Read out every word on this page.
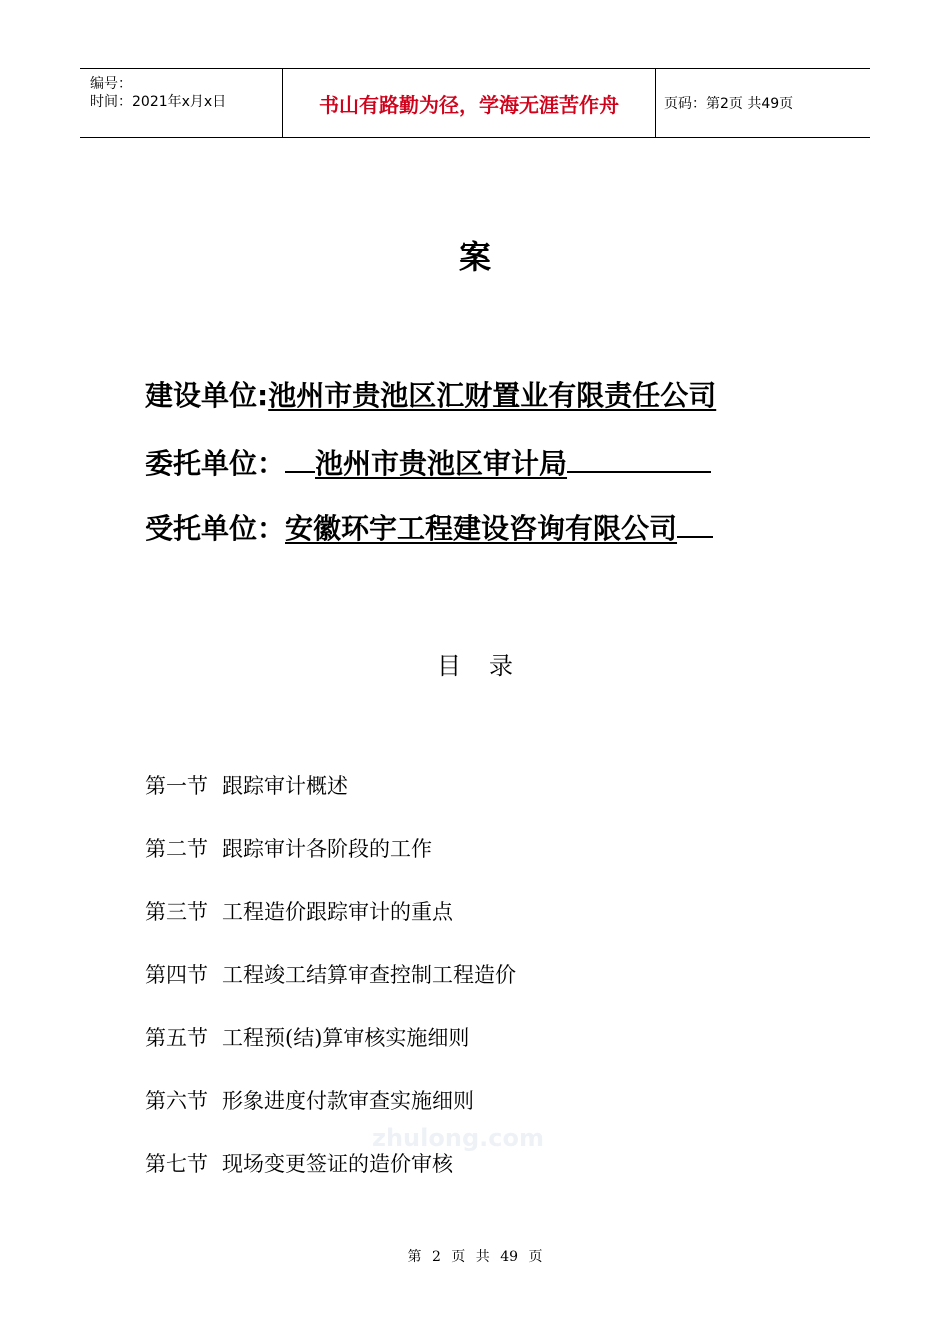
编号：
时间：2021年x月x日	书山有路勤为径，学海无涯苦作舟	页码：第2页 共49页
案
建设单位:池州市贵池区汇财置业有限责任公司
委托单位： 池州市贵池区审计局
受托单位：安徽环宇工程建设咨询有限公司
目录
第一节 跟踪审计概述
第二节 跟踪审计各阶段的工作
第三节 工程造价跟踪审计的重点
第四节 工程竣工结算审查控制工程造价
第五节 工程预(结)算审核实施细则
第六节 形象进度付款审查实施细则
第七节 现场变更签证的造价审核
zhulong.com
第 2 页 共 49 页
